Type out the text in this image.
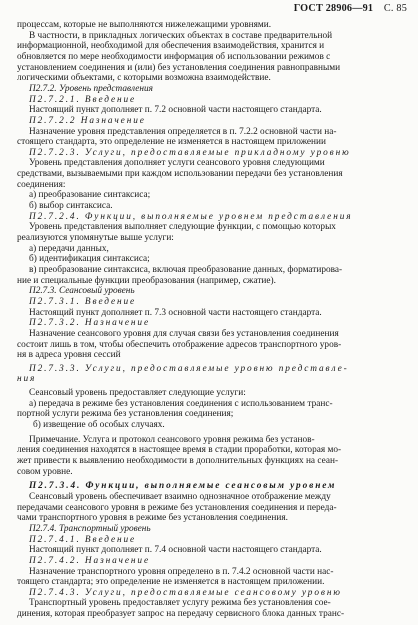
ГОСТ 28906—91 С. 85
процессам, которые не выполняются нижележащими уровнями.
В частности, в прикладных логических объектах в составе предварительной
информационной, необходимой для обеспечения взаимодействия, хранится и
обновляется по мере необходимости информация об использовании режимов с
установлением соединения и (или) без установления соединения равноправными
логическими объектами, с которыми возможна взаимодействие.
П2.7.2. Уровень представления
П2.7.2.1. Введение
Настоящий пункт дополняет п. 7.2 основной части настоящего стандарта.
П2.7.2.2 Назначение
Назначение уровня представления определяется в п. 7.2.2 основной части на-
стоящего стандарта, это определение не изменяется в настоящем приложении
П2.7.2.3. Услуги, предоставляемые прикладному уровню
Уровень представления дополняет услуги сеансового уровня следующими
средствами, вызываемыми при каждом использовании передачи без установления
соединения:
а) преобразование синтаксиса;
б) выбор синтаксиса.
П2.7.2.4. Функции, выполняемые уровнем представления
Уровень представления выполняет следующие функции, с помощью которых
реализуются упомянутые выше услуги:
а) передачи данных,
б) идентификация синтаксиса;
в) преобразование синтаксиса, включая преобразование данных, форматирова-
ние и специальные функции преобразования (например, сжатие).
П2.7.3. Сеансовый уровень
П2.7.3.1. Введение
Настоящий пункт дополняет п. 7.3 основной части настоящего стандарта.
П2.7.3.2. Назначение
Назначение сеансового уровня для случая связи без установления соединения
состоит лишь в том, чтобы обеспечить отображение адресов транспортного уров-
ня в адреса уровня сессий
П2.7.3.3. Услуги, предоставляемые уровню представле-
ния
Сеансовый уровень предоставляет следующие услуги:
а) передача в режиме без установления соединения с использованием транс-
портной услуги режима без установления соединения;
б) извещение об особых случаях.
Примечание. Услуга и протокол сеансового уровня режима без установ-
ления соединения находятся в настоящее время в стадии проработки, которая мо-
жет привести к выявлению необходимости в дополнительных функциях на сеан-
совом уровне.
П2.7.3.4. Функции, выполняемые сеансовым уровнем
Сеансовый уровень обеспечивает взаимно однозначное отображение между
передачами сеансового уровня в режиме без установления соединения и переда-
чами транспортного уровня в режиме без установления соединения.
П2.7.4. Транспортный уровень
П2.7.4.1. Введение
Настоящий пункт дополняет п. 7.4 основной части настоящего стандарта.
П2.7.4.2. Назначение
Назначение транспортного уровня определено в п. 7.4.2 основной части нас-
тоящего стандарта; это определение не изменяется в настоящем приложении.
П2.7.4.3. Услуги, предоставляемые сеансовому уровню
Транспортный уровень предоставляет услугу режима без установления сое-
динения, которая преобразует запрос на передачу сервисного блока данных транс-
